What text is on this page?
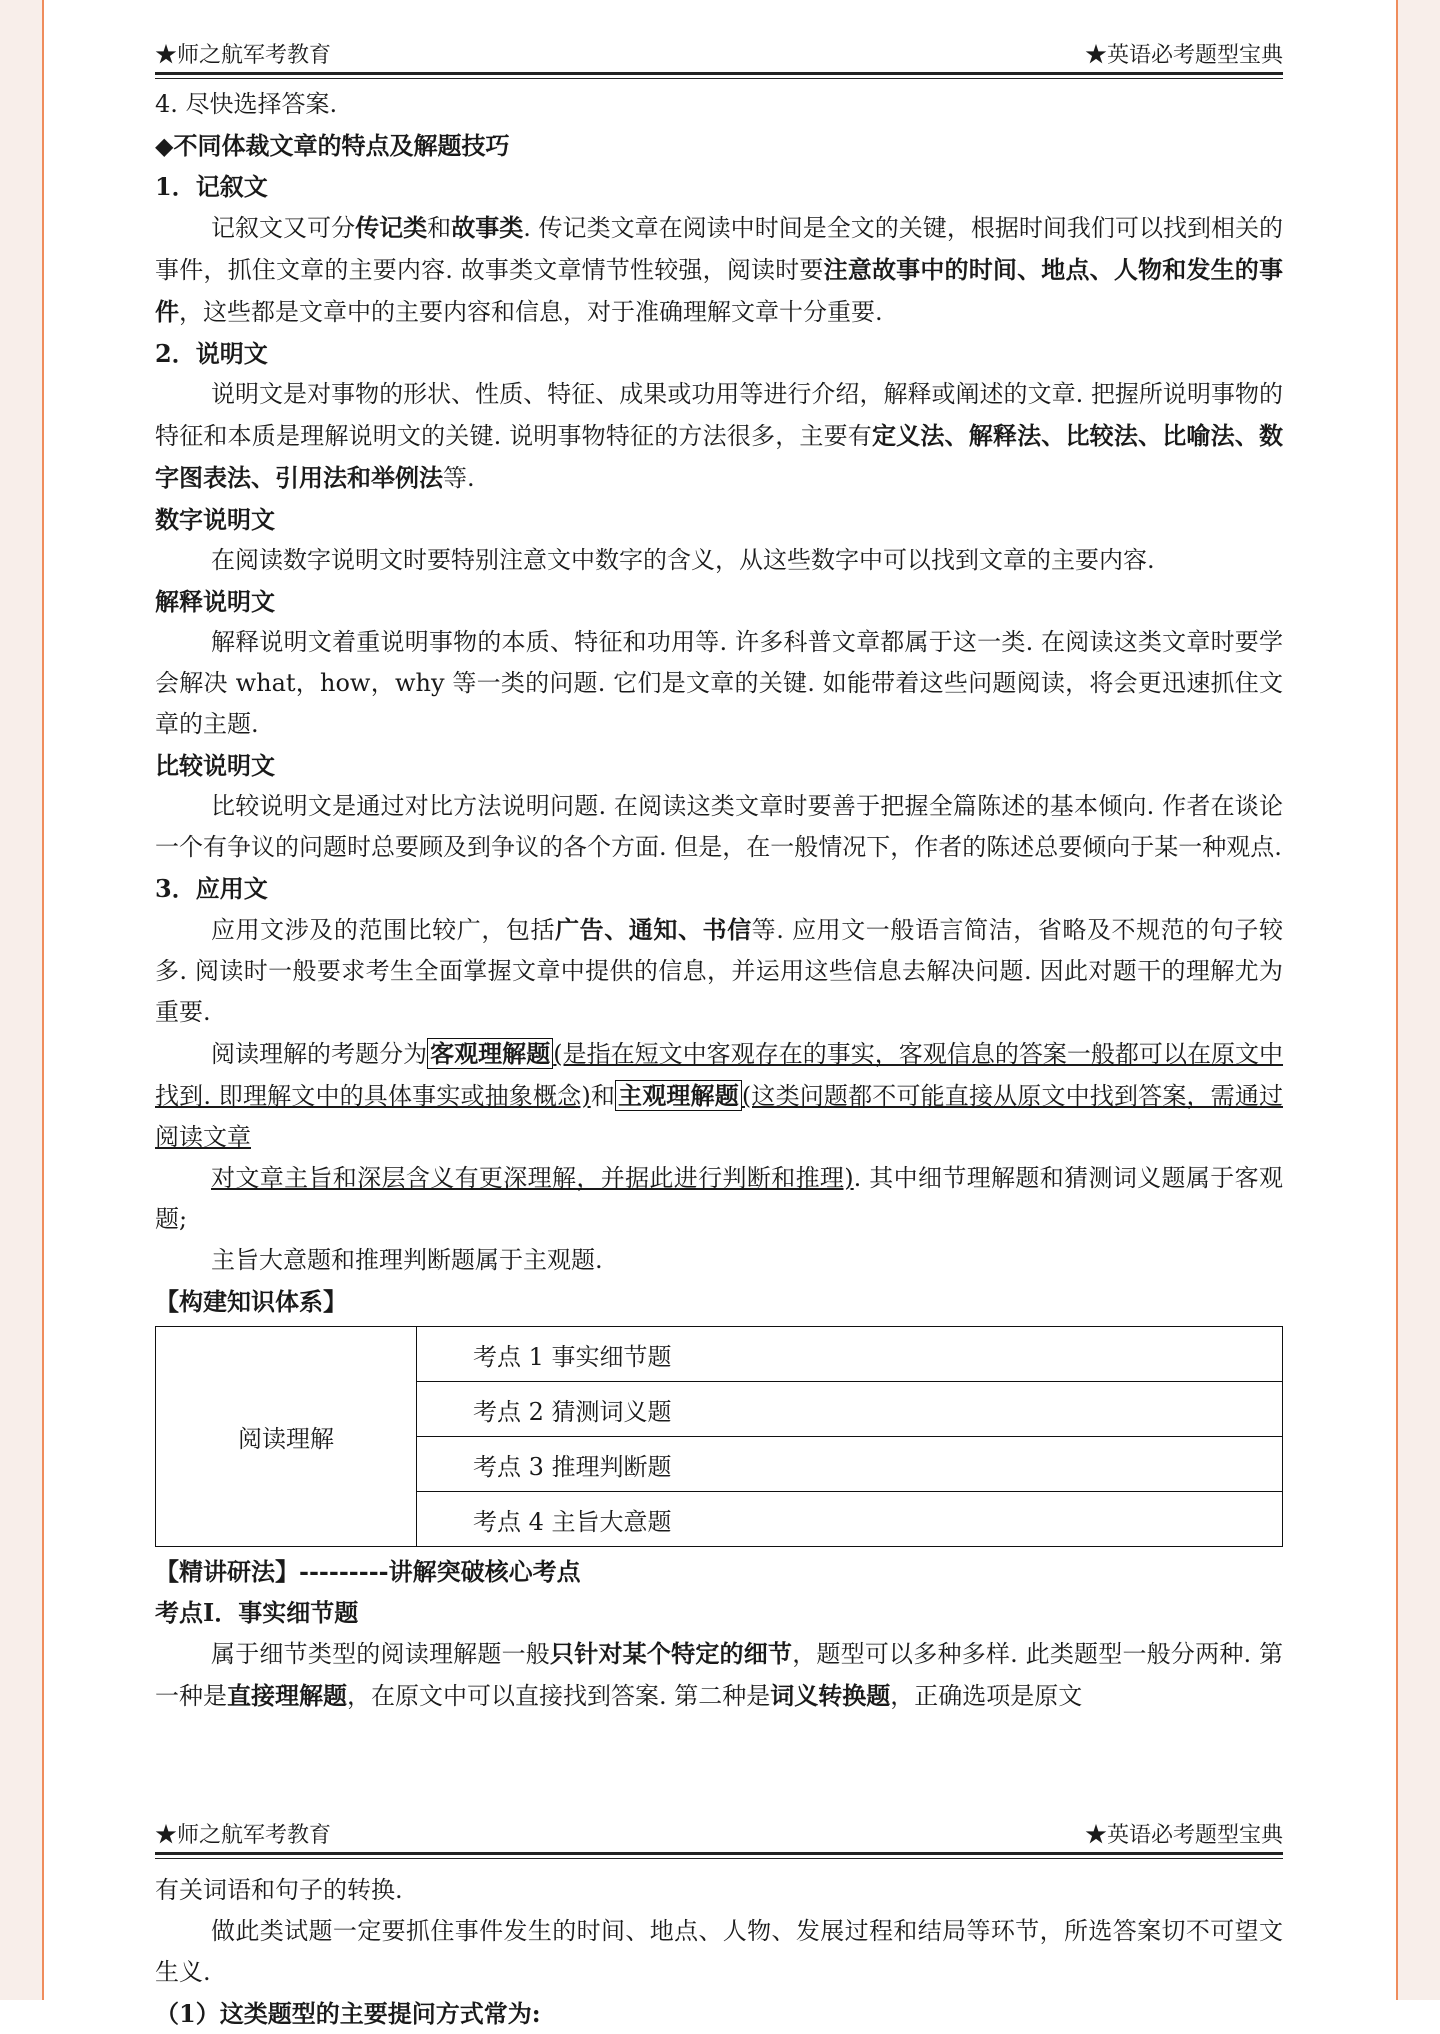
★师之航军考教育	★英语必考题型宝典

4. 尽快选择答案.

◆不同体裁文章的特点及解题技巧

1．记叙文

记叙文又可分传记类和故事类. 传记类文章在阅读中时间是全文的关键，根据时间我们可以找到相关的事件，抓住文章的主要内容. 故事类文章情节性较强，阅读时要注意故事中的时间、地点、人物和发生的事件，这些都是文章中的主要内容和信息，对于准确理解文章十分重要.

2．说明文

说明文是对事物的形状、性质、特征、成果或功用等进行介绍，解释或阐述的文章. 把握所说明事物的特征和本质是理解说明文的关键. 说明事物特征的方法很多，主要有定义法、解释法、比较法、比喻法、数字图表法、引用法和举例法等.

数字说明文

在阅读数字说明文时要特别注意文中数字的含义，从这些数字中可以找到文章的主要内容.

解释说明文

解释说明文着重说明事物的本质、特征和功用等. 许多科普文章都属于这一类. 在阅读这类文章时要学会解决 what，how，why 等一类的问题. 它们是文章的关键. 如能带着这些问题阅读，将会更迅速抓住文章的主题.

比较说明文

比较说明文是通过对比方法说明问题. 在阅读这类文章时要善于把握全篇陈述的基本倾向. 作者在谈论一个有争议的问题时总要顾及到争议的各个方面. 但是，在一般情况下，作者的陈述总要倾向于某一种观点.

3．应用文

应用文涉及的范围比较广，包括广告、通知、书信等. 应用文一般语言简洁，省略及不规范的句子较多. 阅读时一般要求考生全面掌握文章中提供的信息，并运用这些信息去解决问题. 因此对题干的理解尤为重要.

阅读理解的考题分为 客观理解题 (是指在短文中客观存在的事实，客观信息的答案一般都可以在原文中找到. 即理解文中的具体事实或抽象概念)和 主观理解题 (这类问题都不可能直接从原文中找到答案，需通过阅读文章

对文章主旨和深层含义有更深理解，并据此进行判断和推理). 其中细节理解题和猜测词义题属于客观题;

主旨大意题和推理判断题属于主观题.

【构建知识体系】

阅读理解	考点 1 事实细节题
考点 2 猜测词义题
考点 3 推理判断题
考点 4 主旨大意题

【精讲研法】---------讲解突破核心考点

考点Ⅰ．事实细节题

属于细节类型的阅读理解题一般只针对某个特定的细节，题型可以多种多样. 此类题型一般分两种. 第一种是直接理解题，在原文中可以直接找到答案. 第二种是词义转换题，正确选项是原文

★师之航军考教育	★英语必考题型宝典

有关词语和句子的转换.

做此类试题一定要抓住事件发生的时间、地点、人物、发展过程和结局等环节，所选答案切不可望文生义.

（1）这类题型的主要提问方式常为:
